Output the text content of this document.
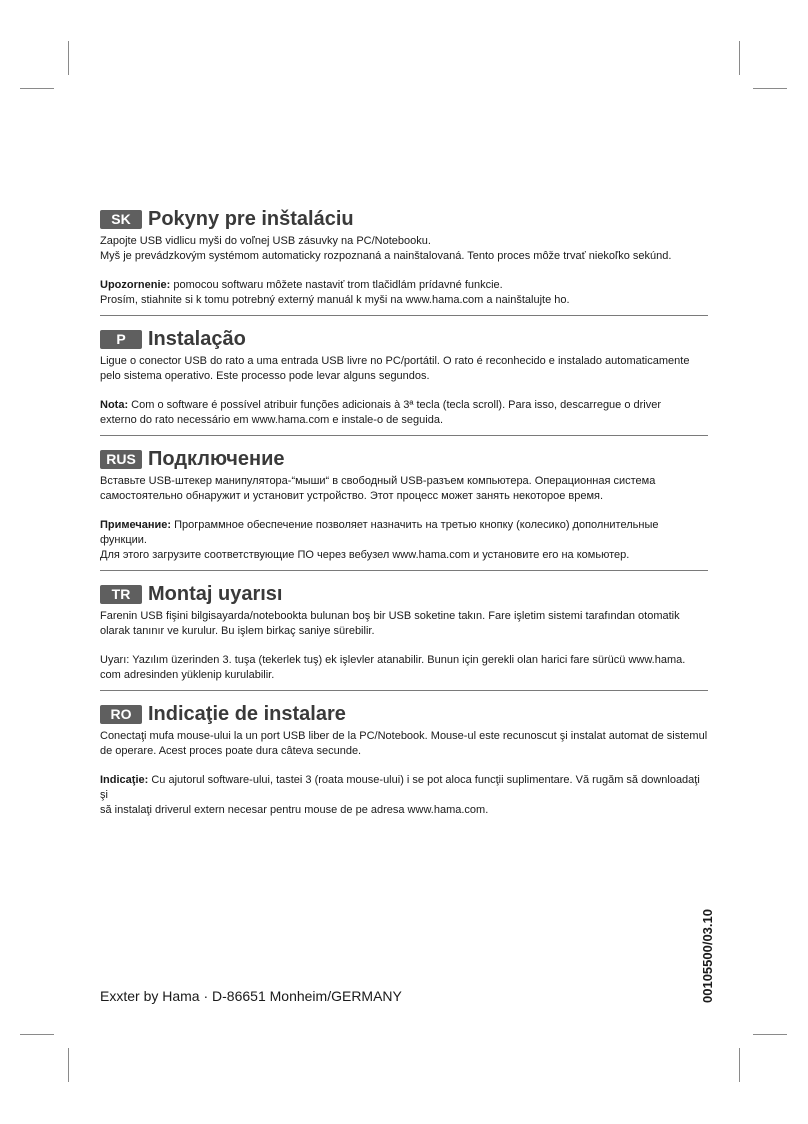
SK Pokyny pre inštaláciu

Zapojte USB vidlicu myši do voľnej USB zásuvky na PC/Notebooku.
Myš je prevádzkovým systémom automaticky rozpoznaná a nainštalovaná. Tento proces môže trvať niekoľko sekúnd.

Upozornenie: pomocou softwaru môžete nastaviť trom tlačidlám prídavné funkcie.
Prosím, stiahnite si k tomu potrebný externý manuál k myši na www.hama.com a nainštalujte ho.

P	Instalação

Ligue o conector USB do rato a uma entrada USB livre no PC/portátil. O rato é reconhecido e instalado automaticamente
pelo sistema operativo. Este processo pode levar alguns segundos.

Nota: Com o software é possível atribuir funções adicionais à 3ª tecla (tecla scroll). Para isso, descarregue o driver
externo do rato necessário em www.hama.com e instale-o de seguida.

RUS Подключение

Вставьте USB-штекер манипулятора-“мыши“ в свободный USB-разъем компьютера. Операционная система
самостоятельно обнаружит и установит устройство. Этот процесс может занять некоторое время.

Примечание: Программное обеспечение позволяет назначить на третью кнопку (колесико) дополнительные функции.
Для этого загрузите соответствующие ПО через вебузел www.hama.com и установите его на комьютер.

TR Montaj uyarısı

Farenin USB fişini bilgisayarda/notebookta bulunan boş bir USB soketine takın. Fare işletim sistemi tarafından otomatik
olarak tanınır ve kurulur. Bu işlem birkaç saniye sürebilir.

Uyarı: Yazılım üzerinden 3. tuşa (tekerlek tuş) ek işlevler atanabilir. Bunun için gerekli olan harici fare sürücü www.hama.
com adresinden yüklenip kurulabilir.

RO Indicaţie de instalare

Conectaţi mufa mouse-ului la un port USB liber de la PC/Notebook. Mouse-ul este recunoscut şi instalat automat de sistemul
de operare. Acest proces poate dura câteva secunde.

Indicaţie: Cu ajutorul software-ului, tastei 3 (roata mouse-ului) i se pot aloca funcţii suplimentare. Vă rugăm să downloadaţi şi
să instalaţi driverul extern necesar pentru mouse de pe adresa www.hama.com.

Exxter by Hama · D-86651 Monheim/GERMANY	00105500/03.10
